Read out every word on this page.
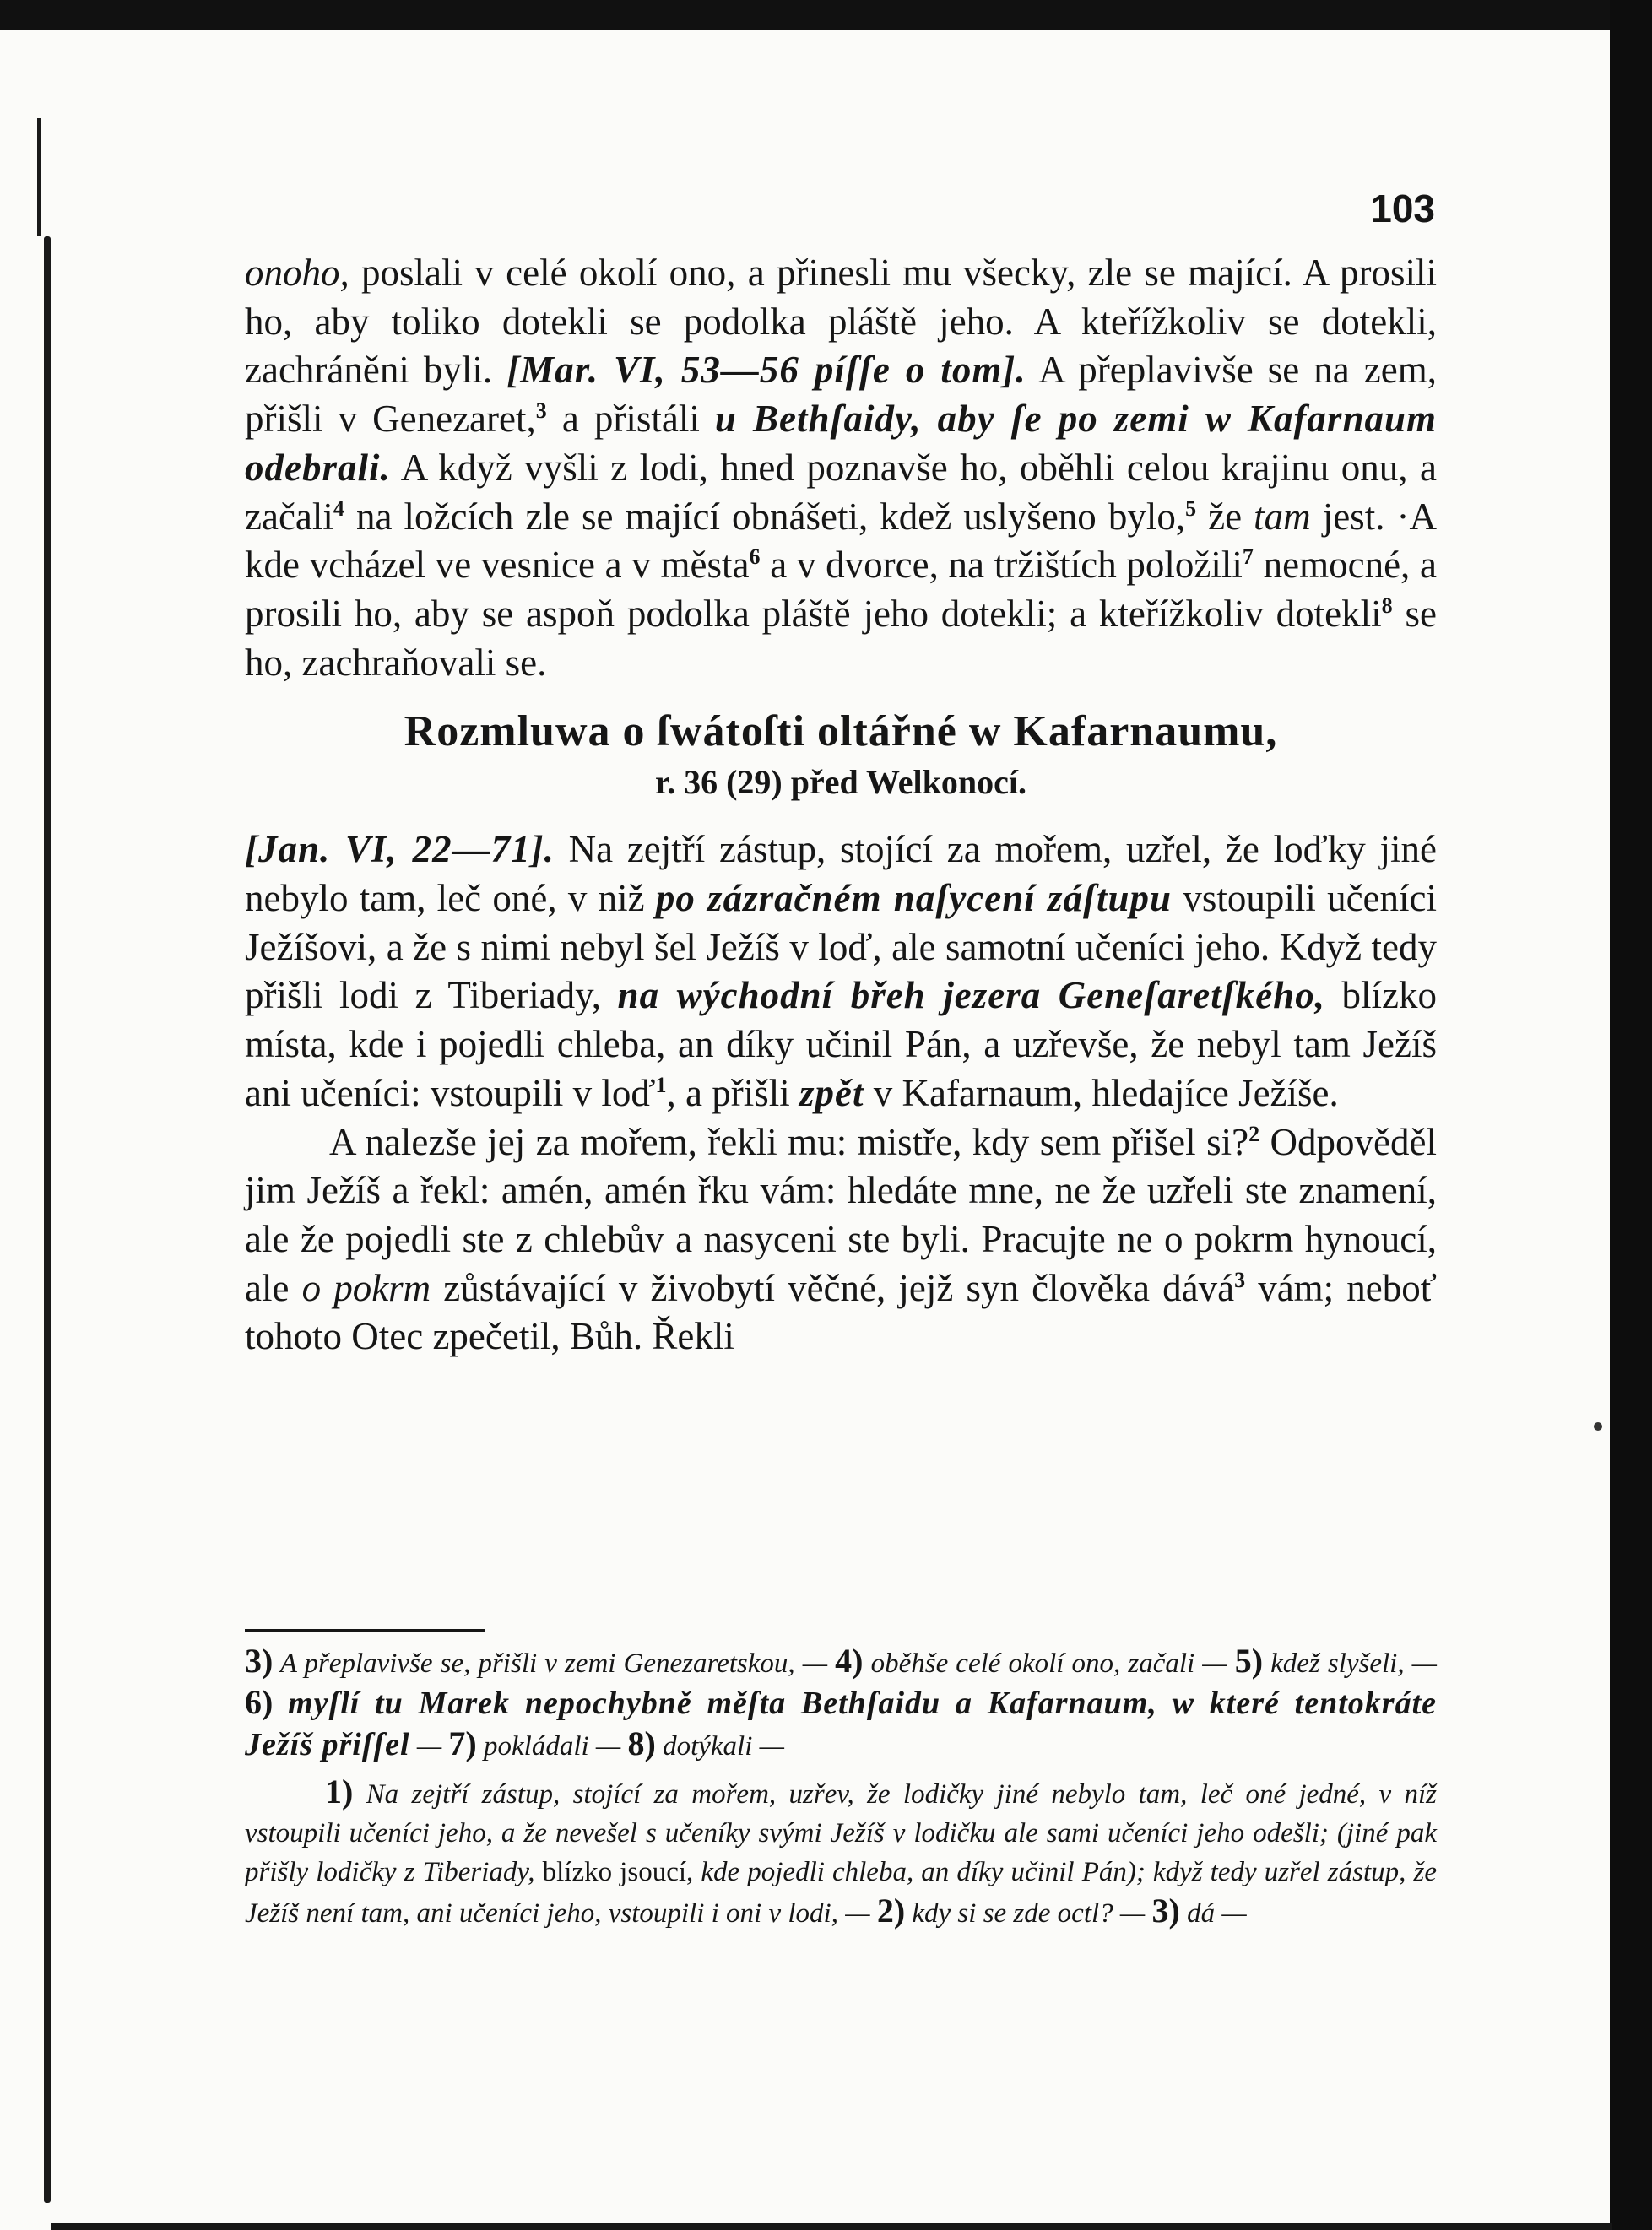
103

onoho, poslali v celé okolí ono, a přinesli mu všecky, zle se mající. A prosili ho, aby toliko dotekli se podolka pláště jeho. A kteřížkoliv se dotekli, zachráněni byli. [Mar. VI, 53—56 píſſe o tom]. A přeplavivše se na zem, přišli v Genezaret,$^3$ a přistáli u Bethſaidy, aby ſe po zemi w Kafarnaum odebrali. A když vyšli z lodi, hned poznavše ho, oběhli celou krajinu onu, a začali$^4$ na ložcích zle se mající obnášeti, kdež uslyšeno bylo,$^5$ že tam jest. ·A kde vcházel ve vesnice a v města$^6$ a v dvorce, na tržištích položili$^7$ nemocné, a prosili ho, aby se aspoň podolka pláště jeho dotekli; a kteřížkoliv dotekli$^8$ se ho, zachraňovali se.

Rozmluwa o ſwátoſti oltářné w Kafarnaumu,
r. 36 (29) před Welkonocí.

[Jan. VI, 22—71]. Na zejtří zástup, stojící za mořem, uzřel, že loďky jiné nebylo tam, leč oné, v niž po zázračném naſycení záſtupu vstoupili učeníci Ježíšovi, a že s nimi nebyl šel Ježíš v loď, ale samotní učeníci jeho. Když tedy přišli lodi z Tiberiady, na wýchodní břeh jezera Geneſaretſkého, blízko místa, kde i pojedli chleba, an díky učinil Pán, a uzřevše, že nebyl tam Ježíš ani učeníci: vstoupili v loď$^1$, a přišli zpět v Kafarnaum, hledajíce Ježíše.

A nalezše jej za mořem, řekli mu: mistře, kdy sem přišel si?$^2$ Odpověděl jim Ježíš a řekl: amén, amén řku vám: hledáte mne, ne že uzřeli ste znamení, ale že pojedli ste z chlebův a nasyceni ste byli. Pracujte ne o pokrm hynoucí, ale o pokrm zůstávající v živobytí věčné, jejž syn člověka dává$^3$ vám; neboť tohoto Otec zpečetil, Bůh. Řekli

3) A přeplavivše se, přišli v zemi Genezaretskou, — 4) oběhše celé okolí ono, začali — 5) kdež slyšeli, — 6) myſlí tu Marek nepochybně měſta Bethſaidu a Kafarnaum, w které tentokráte Ježíš přiſſel — 7) pokládali — 8) dotýkali —

1) Na zejtří zástup, stojící za mořem, uzřev, že lodičky jiné nebylo tam, leč oné jedné, v níž vstoupili učeníci jeho, a že nevešel s učeníky svými Ježíš v lodičku ale sami učeníci jeho odešli; (jiné pak přišly lodičky z Tiberiady, blízko jsoucí, kde pojedli chleba, an díky učinil Pán); když tedy uzřel zástup, že Ježíš není tam, ani učeníci jeho, vstoupili i oni v lodi, — 2) kdy si se zde octl? — 3) dá —
